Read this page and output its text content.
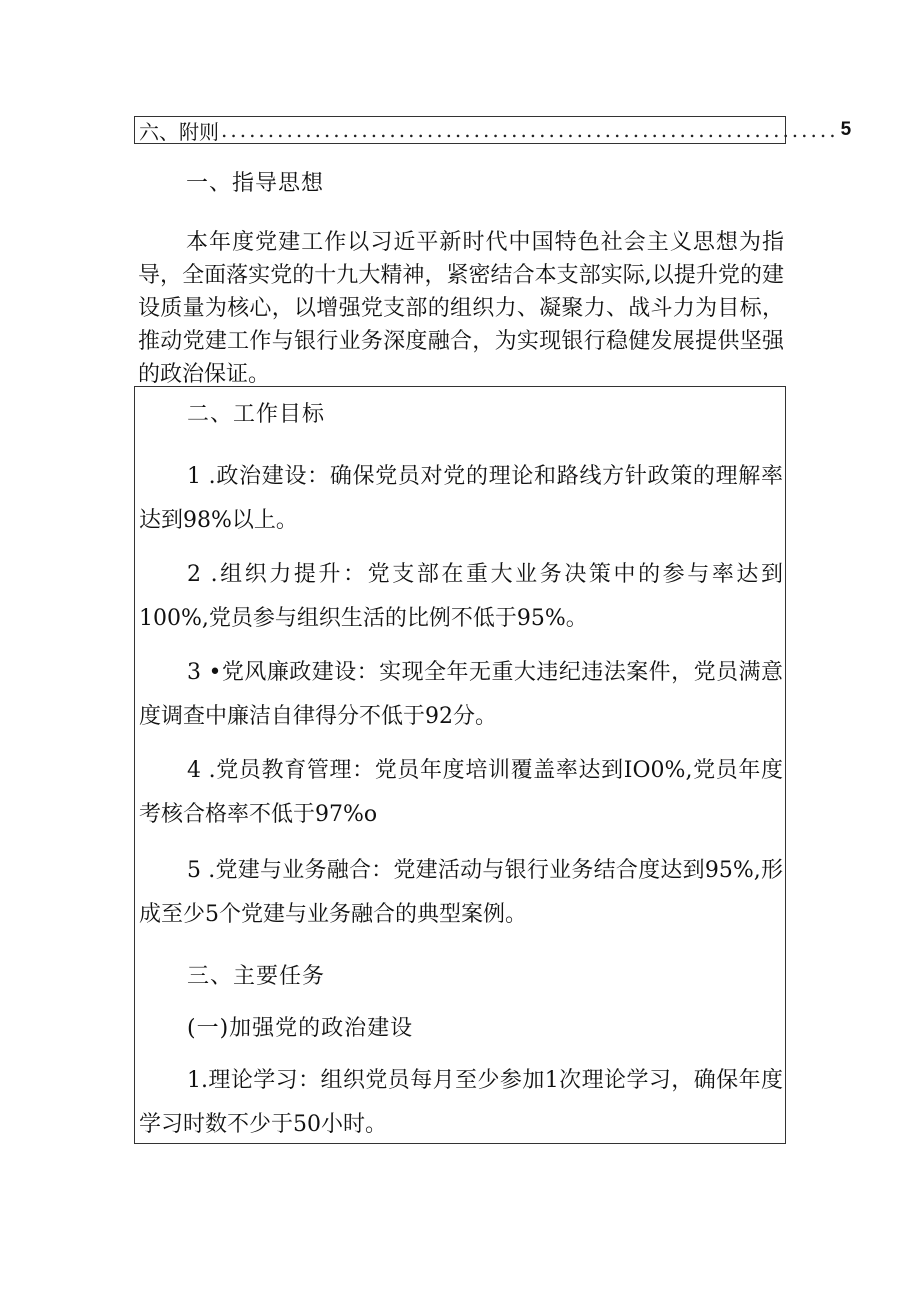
六、附则 .................................................................. 5
一、指导思想

本年度党建工作以习近平新时代中国特色社会主义思想为指导，全面落实党的十九大精神，紧密结合本支部实际,以提升党的建设质量为核心，以增强党支部的组织力、凝聚力、战斗力为目标，推动党建工作与银行业务深度融合，为实现银行稳健发展提供坚强的政治保证。

二、工作目标

1 .政治建设：确保党员对党的理论和路线方针政策的理解率达到98%以上。

2 .组织力提升：党支部在重大业务决策中的参与率达到100%,党员参与组织生活的比例不低于95%。

3 •党风廉政建设：实现全年无重大违纪违法案件，党员满意度调查中廉洁自律得分不低于92分。

4 .党员教育管理：党员年度培训覆盖率达到IO0%,党员年度考核合格率不低于97%o

5 .党建与业务融合：党建活动与银行业务结合度达到95%,形成至少5个党建与业务融合的典型案例。

三、主要任务
(一)加强党的政治建设

1.理论学习：组织党员每月至少参加1次理论学习，确保年度学习时数不少于50小时。
